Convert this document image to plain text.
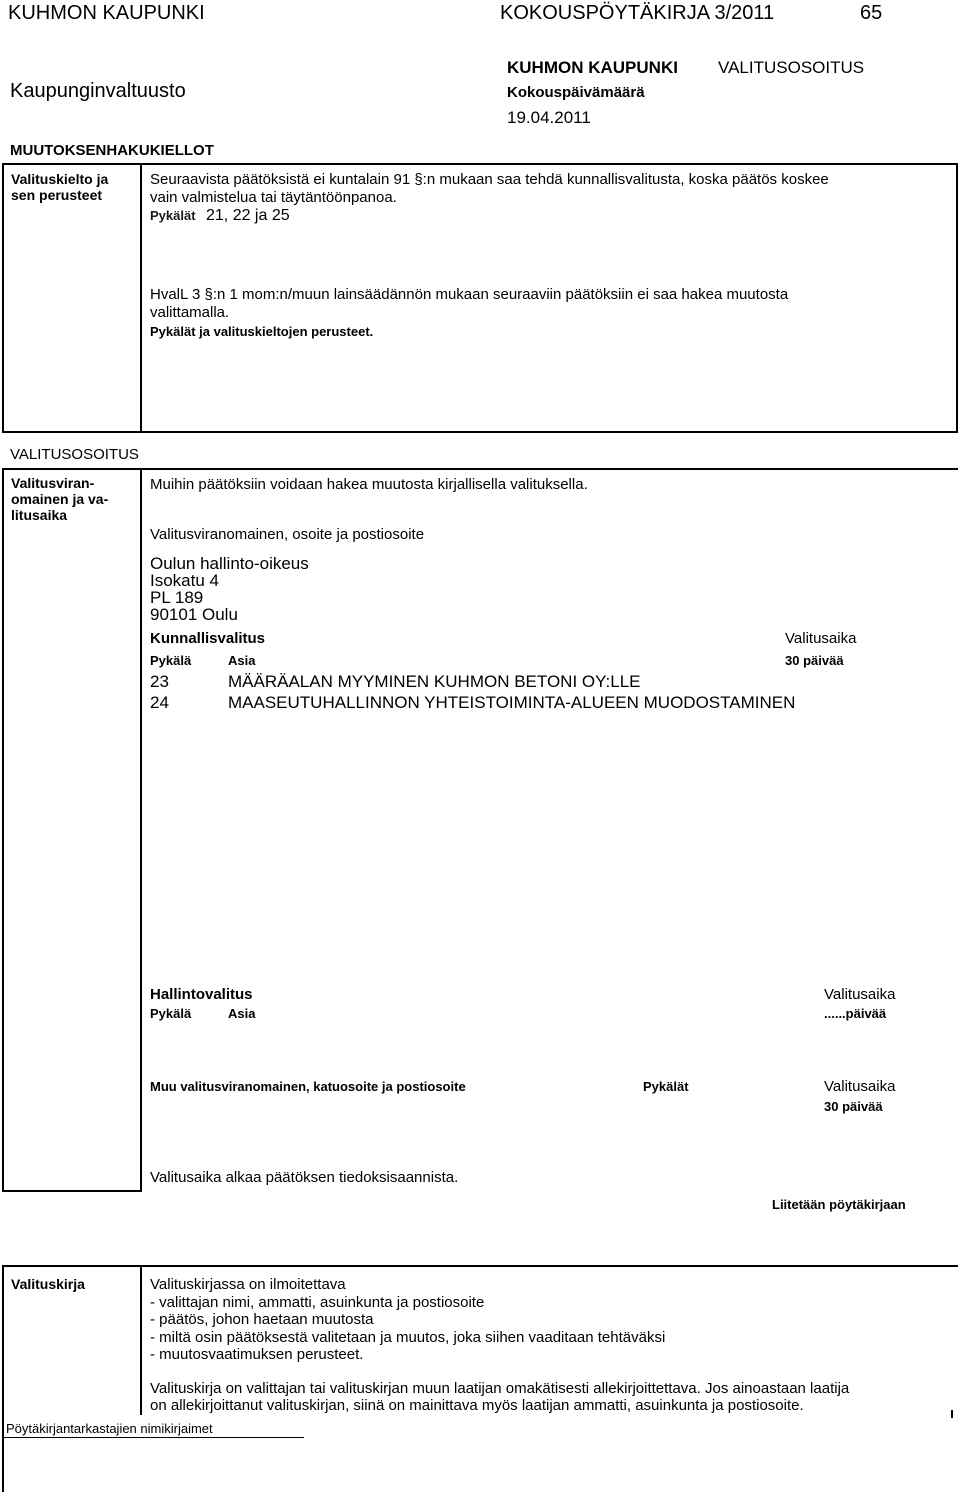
KUHMON KAUPUNKI	KOKOUSPÖYTÄKIRJA 3/2011	65
Kaupunginvaltuusto
KUHMON KAUPUNKI VALITUSOSOITUS
Kokouspäivämäärä
19.04.2011
MUUTOKSENHAKUKIELLOT
Valituskielto ja
sen perusteet
Seuraavista päätöksistä ei kuntalain 91 §:n mukaan saa tehdä kunnallisvalitusta, koska päätös koskee
vain valmistelua tai täytäntöönpanoa.
Pykälät 21, 22 ja 25
HvalL 3 §:n 1 mom:n/muun lainsäädännön mukaan seuraaviin päätöksiin ei saa hakea muutosta
valittamalla.
Pykälät ja valituskieltojen perusteet.
VALITUSOSOITUS
Valitusviran-
omainen ja va-
litusaika
Muihin päätöksiin voidaan hakea muutosta kirjallisella valituksella.
Valitusviranomainen, osoite ja postiosoite
Oulun hallinto-oikeus
Isokatu 4
PL 189
90101 Oulu
Kunnallisvalitus	Valitusaika
Pykälä	Asia	30 päivää
23	MÄÄRÄALAN MYYMINEN KUHMON BETONI OY:LLE
24	MAASEUTUHALLINNON YHTEISTOIMINTA-ALUEEN MUODOSTAMINEN
Hallintovalitus	Valitusaika
Pykälä	Asia	......päivää
Muu valitusviranomainen, katuosoite ja postiosoite	Pykälät	Valitusaika
30 päivää
Valitusaika alkaa päätöksen tiedoksisaannista.
Liitetään pöytäkirjaan
Valituskirja	Valituskirjassa on ilmoitettava
- valittajan nimi, ammatti, asuinkunta ja postiosoite
- päätös, johon haetaan muutosta
- miltä osin päätöksestä valitetaan ja muutos, joka siihen vaaditaan tehtäväksi
- muutosvaatimuksen perusteet.
Valituskirja on valittajan tai valituskirjan muun laatijan omakätisesti allekirjoittettava. Jos ainoastaan laatija
on allekirjoittanut valituskirjan, siinä on mainittava myös laatijan ammatti, asuinkunta ja postiosoite.
Pöytäkirjantarkastajien nimikirjaimet
